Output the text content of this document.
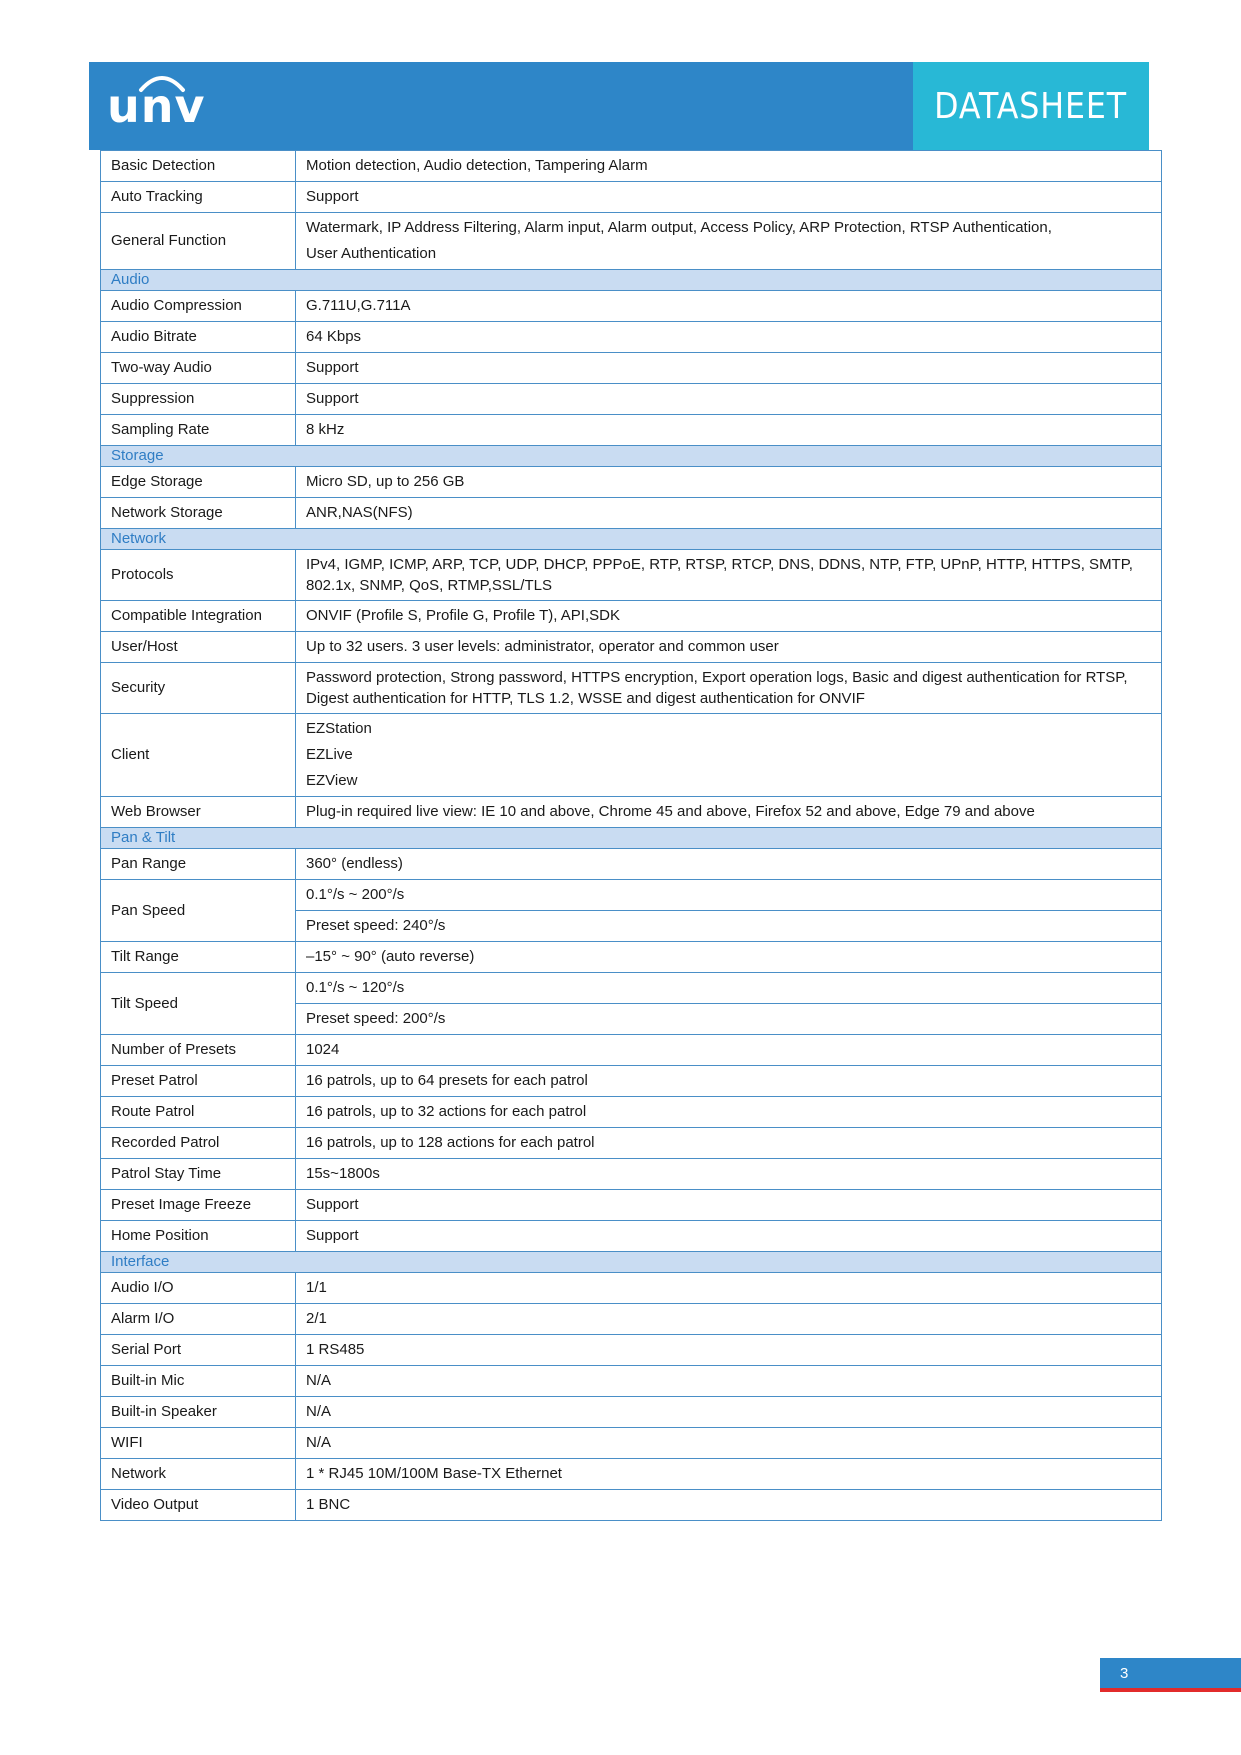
unv	DATASHEET
Basic Detection	Motion detection, Audio detection, Tampering Alarm
Auto Tracking	Support
General Function	Watermark, IP Address Filtering, Alarm input, Alarm output, Access Policy, ARP Protection, RTSP Authentication,
User Authentication

Audio	
Audio Compression	G.711U,G.711A
Audio Bitrate	64 Kbps
Two-way Audio	Support
Suppression	Support
Sampling Rate	8 kHz
Storage	
Edge Storage	Micro SD, up to 256 GB
Network Storage	ANR,NAS(NFS)
Network	
Protocols	IPv4, IGMP, ICMP, ARP, TCP, UDP, DHCP, PPPoE, RTP, RTSP, RTCP, DNS, DDNS, NTP, FTP, UPnP, HTTP, HTTPS, SMTP, 802.1x, SNMP, QoS, RTMP,SSL/TLS
Compatible Integration	ONVIF (Profile S, Profile G, Profile T), API,SDK
User/Host	Up to 32 users. 3 user levels: administrator, operator and common user
Security	Password protection, Strong password, HTTPS encryption, Export operation logs, Basic and digest authentication for RTSP, Digest authentication for HTTP, TLS 1.2, WSSE and digest authentication for ONVIF
Client	EZStation
EZLive
EZView

Web Browser	Plug-in required live view: IE 10 and above, Chrome 45 and above, Firefox 52 and above, Edge 79 and above
Pan & Tilt	
Pan Range	360° (endless)
Pan Speed	0.1°/s ~ 200°/s
	Preset speed: 240°/s
Tilt Range	–15° ~ 90° (auto reverse)
Tilt Speed	0.1°/s ~ 120°/s
	Preset speed: 200°/s
Number of Presets	1024
Preset Patrol	16 patrols, up to 64 presets for each patrol
Route Patrol	16 patrols, up to 32 actions for each patrol
Recorded Patrol	16 patrols, up to 128 actions for each patrol
Patrol Stay Time	15s~1800s
Preset Image Freeze	Support
Home Position	Support
Interface	
Audio I/O	1/1
Alarm I/O	2/1
Serial Port	1 RS485
Built-in Mic	N/A
Built-in Speaker	N/A
WIFI	N/A
Network	1 * RJ45 10M/100M Base-TX Ethernet
Video Output	1 BNC
3
